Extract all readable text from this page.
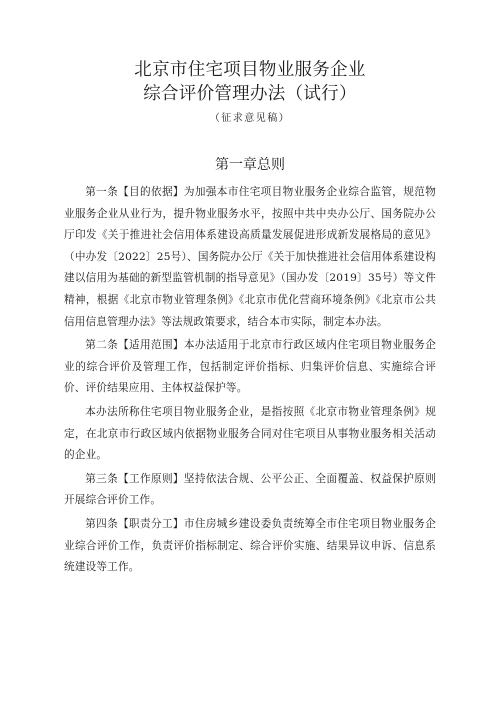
北京市住宅项目物业服务企业
综合评价管理办法（试行）
（征求意见稿）
第一章总则

第一条【目的依据】为加强本市住宅项目物业服务企业综合监管，规范物业服务企业从业行为，提升物业服务水平，按照中共中央办公厅、国务院办公厅印发《关于推进社会信用体系建设高质量发展促进形成新发展格局的意见》（中办发〔2022〕25号）、国务院办公厅《关于加快推进社会信用体系建设构建以信用为基础的新型监管机制的指导意见》（国办发〔2019〕35号）等文件精神，根据《北京市物业管理条例》《北京市优化营商环境条例》《北京市公共信用信息管理办法》等法规政策要求，结合本市实际，制定本办法。

第二条【适用范围】本办法适用于北京市行政区域内住宅项目物业服务企业的综合评价及管理工作，包括制定评价指标、归集评价信息、实施综合评价、评价结果应用、主体权益保护等。

本办法所称住宅项目物业服务企业，是指按照《北京市物业管理条例》规定，在北京市行政区域内依据物业服务合同对住宅项目从事物业服务相关活动的企业。

第三条【工作原则】坚持依法合规、公平公正、全面覆盖、权益保护原则开展综合评价工作。

第四条【职责分工】市住房城乡建设委负责统筹全市住宅项目物业服务企业综合评价工作，负责评价指标制定、综合评价实施、结果异议申诉、信息系统建设等工作。
